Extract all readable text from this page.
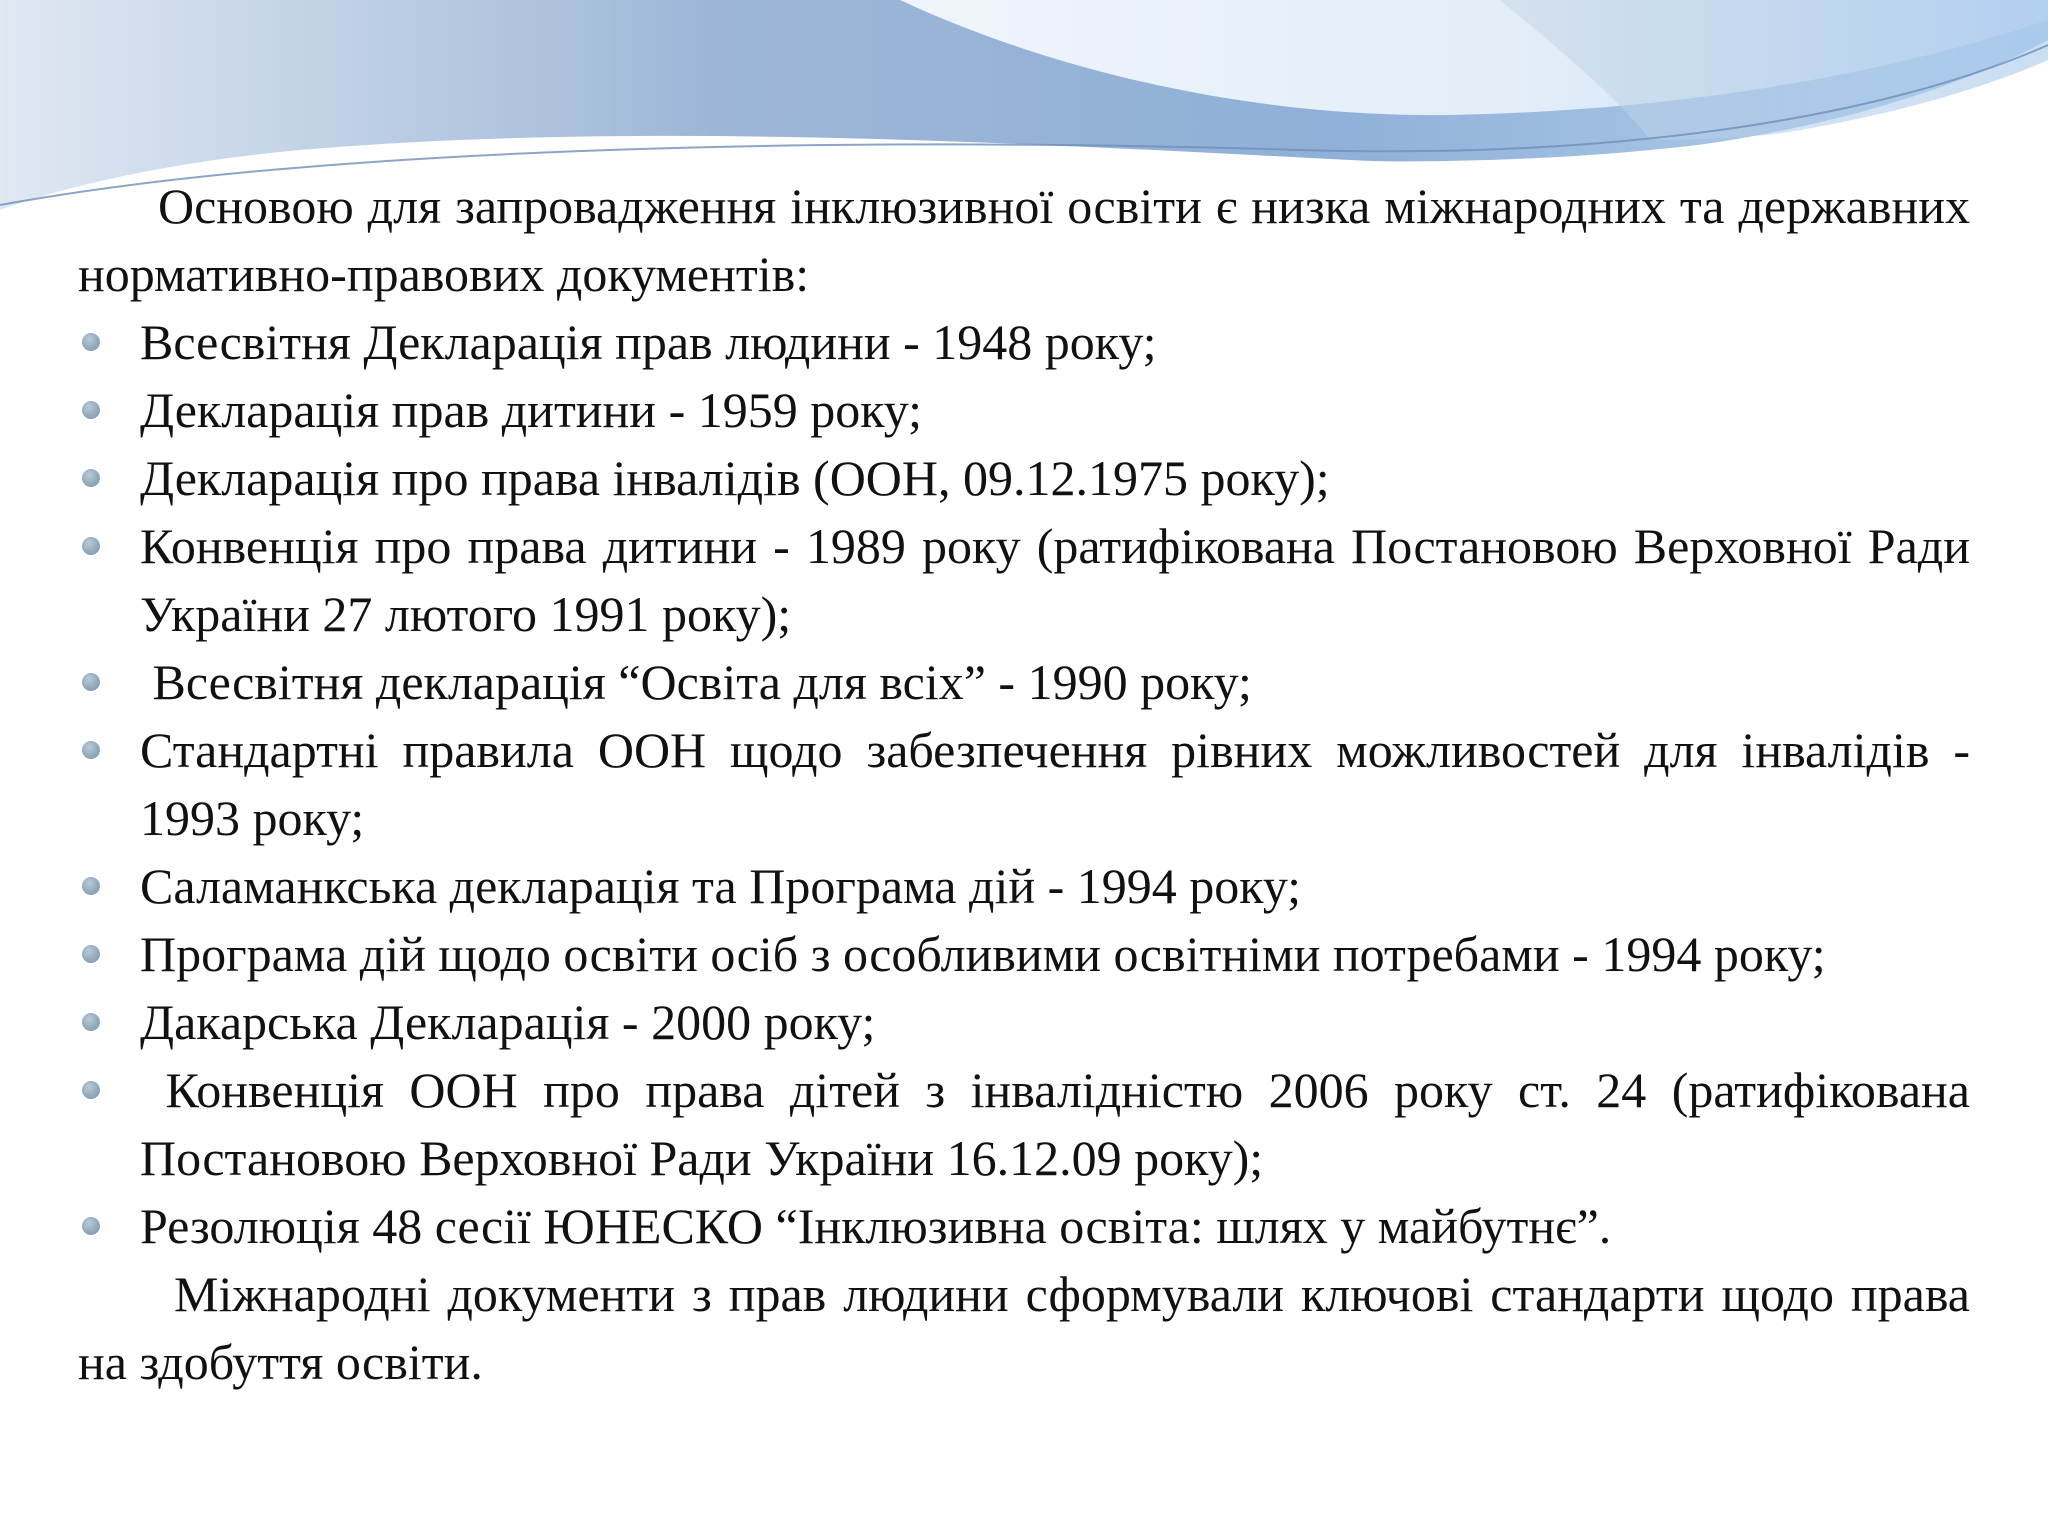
Основою для запровадження інклюзивної освіти є низка міжнародних та державних нормативно-правових документів:

Всесвітня Декларація прав людини - 1948 року;
Декларація прав дитини - 1959 року;
Декларація про права інвалідів (ООН, 09.12.1975 року);
Конвенція про права дитини - 1989 року (ратифікована Постановою Верховної Ради України 27 лютого 1991 року);
Всесвітня декларація “Освіта для всіх” - 1990 року;
Стандартні правила ООН щодо забезпечення рівних можливостей для інвалідів - 1993 року;
Саламанкська декларація та Програма дій - 1994 року;
Програма дій щодо освіти осіб з особливими освітніми потребами - 1994 року;
Дакарська Декларація - 2000 року;
Конвенція ООН про права дітей з інвалідністю 2006 року ст. 24 (ратифікована Постановою Верховної Ради України 16.12.09 року);
Резолюція 48 сесії ЮНЕСКО “Інклюзивна освіта: шлях у майбутнє”.

Міжнародні документи з прав людини сформували ключові стандарти щодо права на здобуття освіти.
